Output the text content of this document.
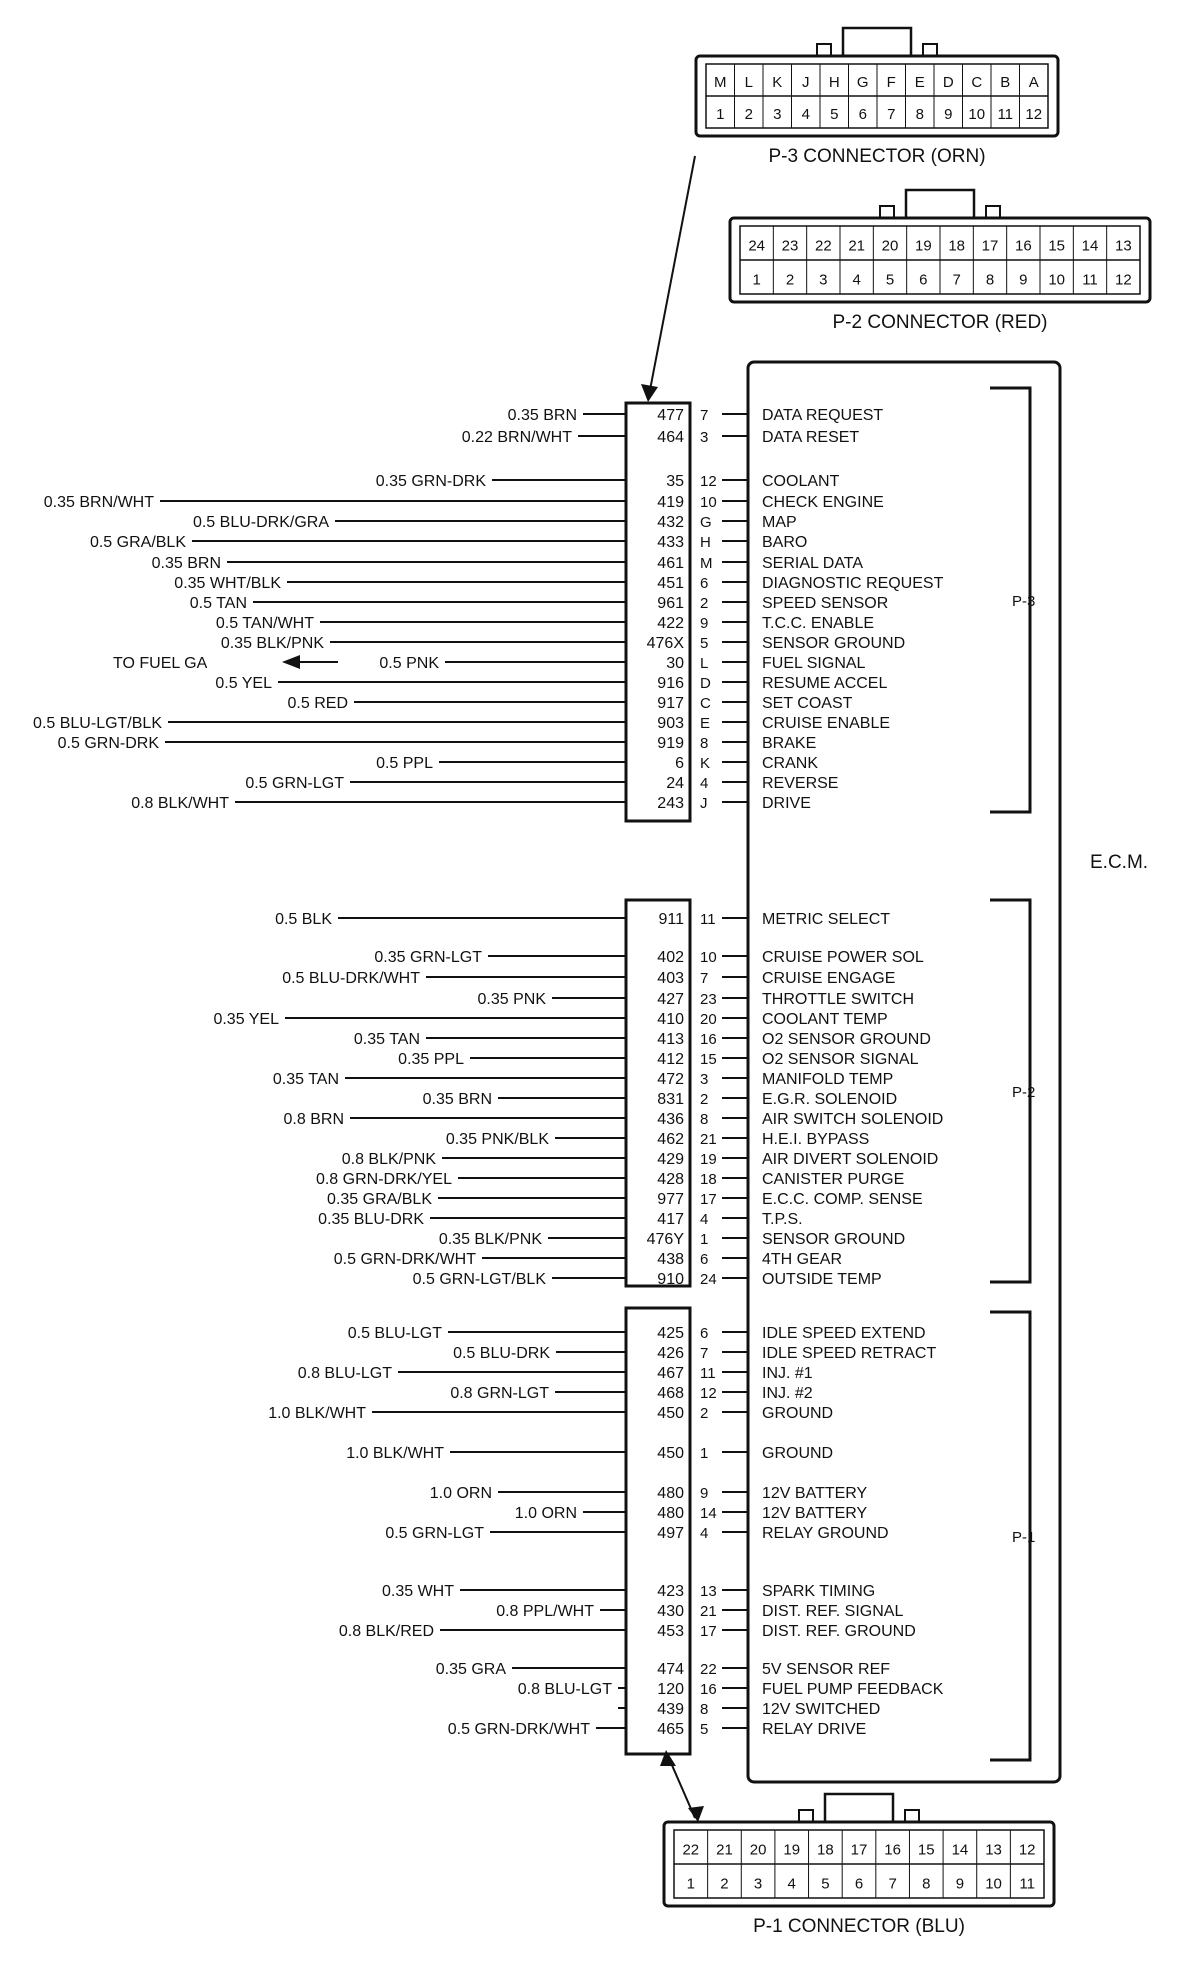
M L K J H G F E D C B A
1 2 3 4 5 6 7 8 9 10 11 12
P-3 CONNECTOR (ORN)
24 23 22 21 20 19 18 17 16 15 14 13
1 2 3 4 5 6 7 8 9 10 11 12
P-2 CONNECTOR (RED)
22 21 20 19 18 17 16 15 14 13 12
1 2 3 4 5 6 7 8 9 10 11
P-1 CONNECTOR (BLU)
P-3
P-2
P-1
0.35 BRN	477 7	DATA REQUEST
0.22 BRN/WHT	464 3	DATA RESET
0.35 GRN-DRK	35 12	COOLANT
0.35 BRN/WHT	419 10	CHECK ENGINE
0.5 BLU-DRK/GRA	432 G	MAP
0.5 GRA/BLK	433 H	BARO
0.35 BRN	461 M	SERIAL DATA
0.35 WHT/BLK	451 6	DIAGNOSTIC REQUEST
0.5 TAN	961 2	SPEED SENSOR
0.5 TAN/WHT	422 9	T.C.C. ENABLE
0.35 BLK/PNK	476X 5	SENSOR GROUND
0.5 PNK	30 L	FUEL SIGNAL
0.5 YEL	916 D	RESUME ACCEL
0.5 RED	917 C	SET COAST
0.5 BLU-LGT/BLK	903 E	CRUISE ENABLE
0.5 GRN-DRK	919 8	BRAKE
0.5 PPL	6 K	CRANK
0.5 GRN-LGT	24 4	REVERSE
0.8 BLK/WHT	243 J	DRIVE
0.5 BLK	911 11	METRIC SELECT
0.35 GRN-LGT	402 10	CRUISE POWER SOL
0.5 BLU-DRK/WHT	403 7	CRUISE ENGAGE
0.35 PNK	427 23	THROTTLE SWITCH
0.35 YEL	410 20	COOLANT TEMP
0.35 TAN	413 16	O2 SENSOR GROUND
0.35 PPL	412 15	O2 SENSOR SIGNAL
0.35 TAN	472 3	MANIFOLD TEMP
0.35 BRN	831 2	E.G.R. SOLENOID
0.8 BRN	436 8	AIR SWITCH SOLENOID
0.35 PNK/BLK	462 21	H.E.I. BYPASS
0.8 BLK/PNK	429 19	AIR DIVERT SOLENOID
0.8 GRN-DRK/YEL	428 18	CANISTER PURGE
0.35 GRA/BLK	977 17	E.C.C. COMP. SENSE
0.35 BLU-DRK	417 4	T.P.S.
0.35 BLK/PNK	476Y 1	SENSOR GROUND
0.5 GRN-DRK/WHT	438 6	4TH GEAR
0.5 GRN-LGT/BLK	910 24	OUTSIDE TEMP
0.5 BLU-LGT	425 6	IDLE SPEED EXTEND
0.5 BLU-DRK	426 7	IDLE SPEED RETRACT
0.8 BLU-LGT	467 11	INJ. #1
0.8 GRN-LGT	468 12	INJ. #2
1.0 BLK/WHT	450 2	GROUND
1.0 BLK/WHT	450 1	GROUND
1.0 ORN	480 9	12V BATTERY
1.0 ORN	480 14	12V BATTERY
0.5 GRN-LGT	497 4	RELAY GROUND
0.35 WHT	423 13	SPARK TIMING
0.8 PPL/WHT	430 21	DIST. REF. SIGNAL
0.8 BLK/RED	453 17	DIST. REF. GROUND
0.35 GRA	474 22	5V SENSOR REF
0.8 BLU-LGT	120 16	FUEL PUMP FEEDBACK
439 8	12V SWITCHED
0.5 GRN-DRK/WHT	465 5	RELAY DRIVE
E.C.M.
TO FUEL GA
